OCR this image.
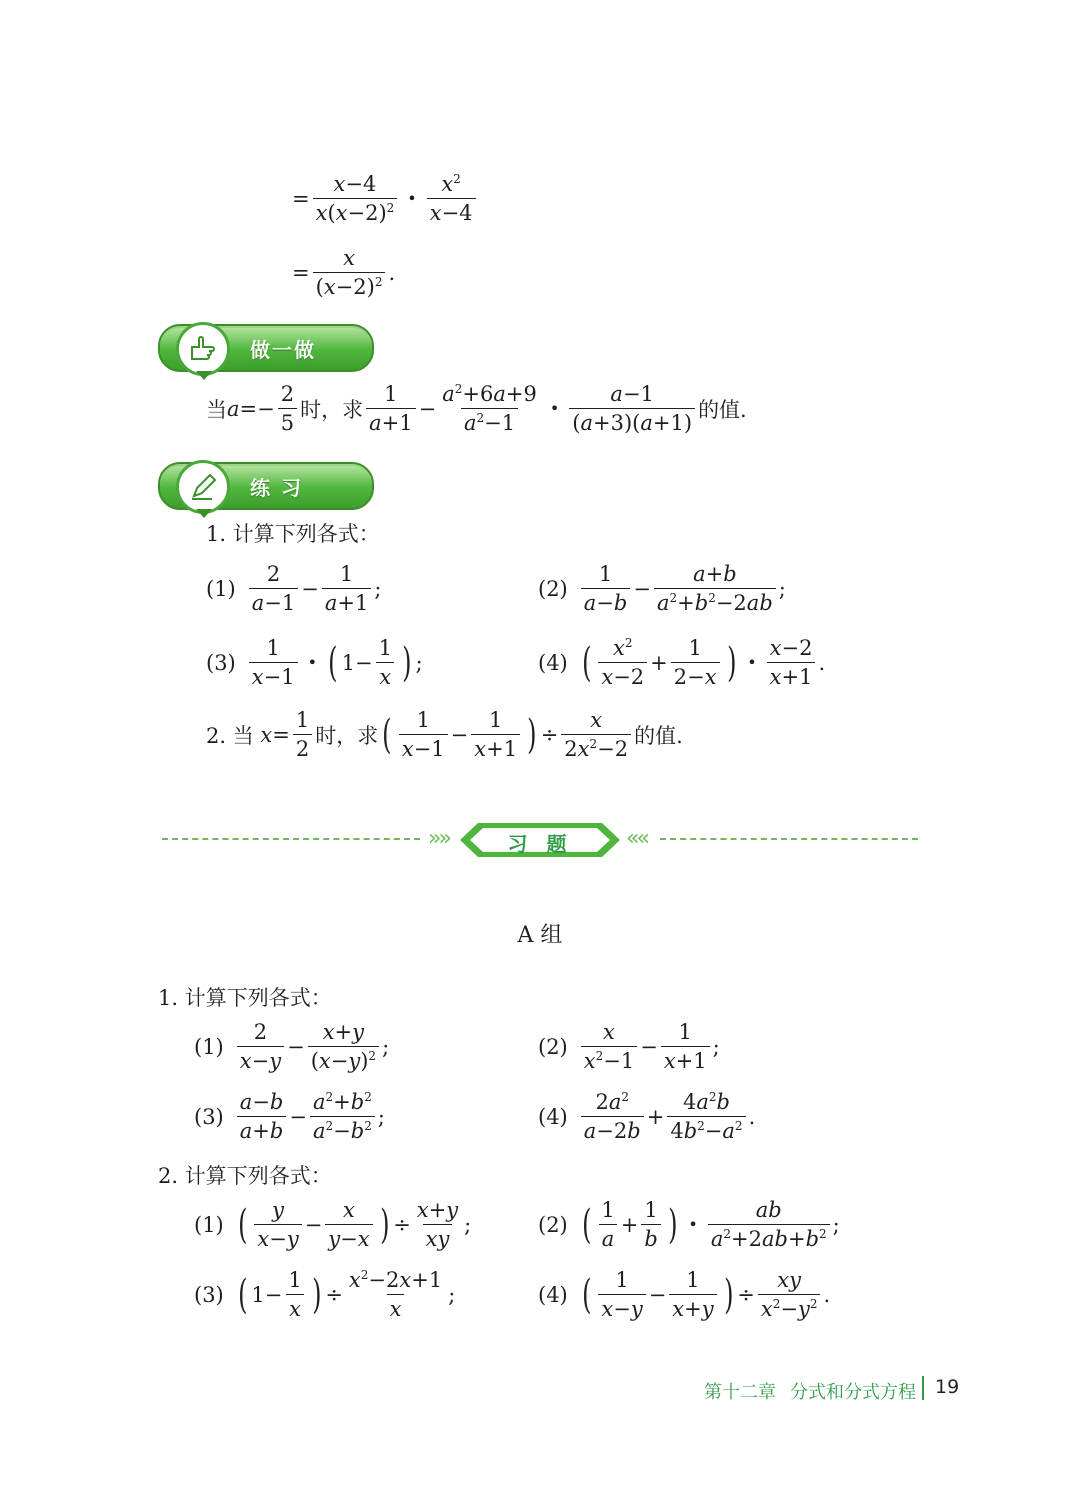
= $\frac{x-4}{x(x-2)^2}$ • $\frac{x^2}{x-4}$
= $\frac{x}{(x-2)^2}$ .
做一做
当 $a =- \frac{2}{5}$ 时，求 $\frac{1}{a+1} - \frac{a^2+6a+9}{a^2-1}$ • $\frac{a-1}{(a+3)(a+1)}$ 的值.
练 习
1. 计算下列各式：
$(1) \frac{2}{a-1} - \frac{1}{a+1}$ ;	$(2) \frac{1}{a-b} - \frac{a+b}{a^2+b^2-2ab}$ ;
$(3) \frac{1}{x-1}$ • ( $1- \frac{1}{x}$ ) ;	(4) ( $\frac{x^2}{x-2} + \frac{1}{2-x}$ ) • $\frac{x-2}{x+1}$ .
2. 当 $x = \frac{1}{2}$ 时，求 ( $\frac{1}{x-1} - \frac{1}{x+1}$ ) ÷ $\frac{x}{2x^2-2}$ 的值.
»»	习 题	««
A 组
1. 计算下列各式：
$(1) \frac{2}{x-y} - \frac{x+y}{(x-y)^2}$ ;	$(2) \frac{x}{x^2-1} - \frac{1}{x+1}$ ;
$(3) \frac{a-b}{a+b} - \frac{a^2+b^2}{a^2-b^2}$ ;	$(4) \frac{2a^2}{a-2b} + \frac{4a^2b}{4b^2-a^2}$ .
2. 计算下列各式：
(1) ( $\frac{y}{x-y} - \frac{x}{y-x}$ ) ÷ $\frac{x+y}{xy}$ ;	(2) ( $\frac{1}{a} + \frac{1}{b}$ ) • $\frac{ab}{a^2+2ab+b^2}$ ;
(3) ( $1- \frac{1}{x}$ ) ÷ $\frac{x^2-2x+1}{x}$ ;	(4) ( $\frac{1}{x-y} - \frac{1}{x+y}$ ) ÷ $\frac{xy}{x^2-y^2}$ .
第十二章 分式和分式方程 19
